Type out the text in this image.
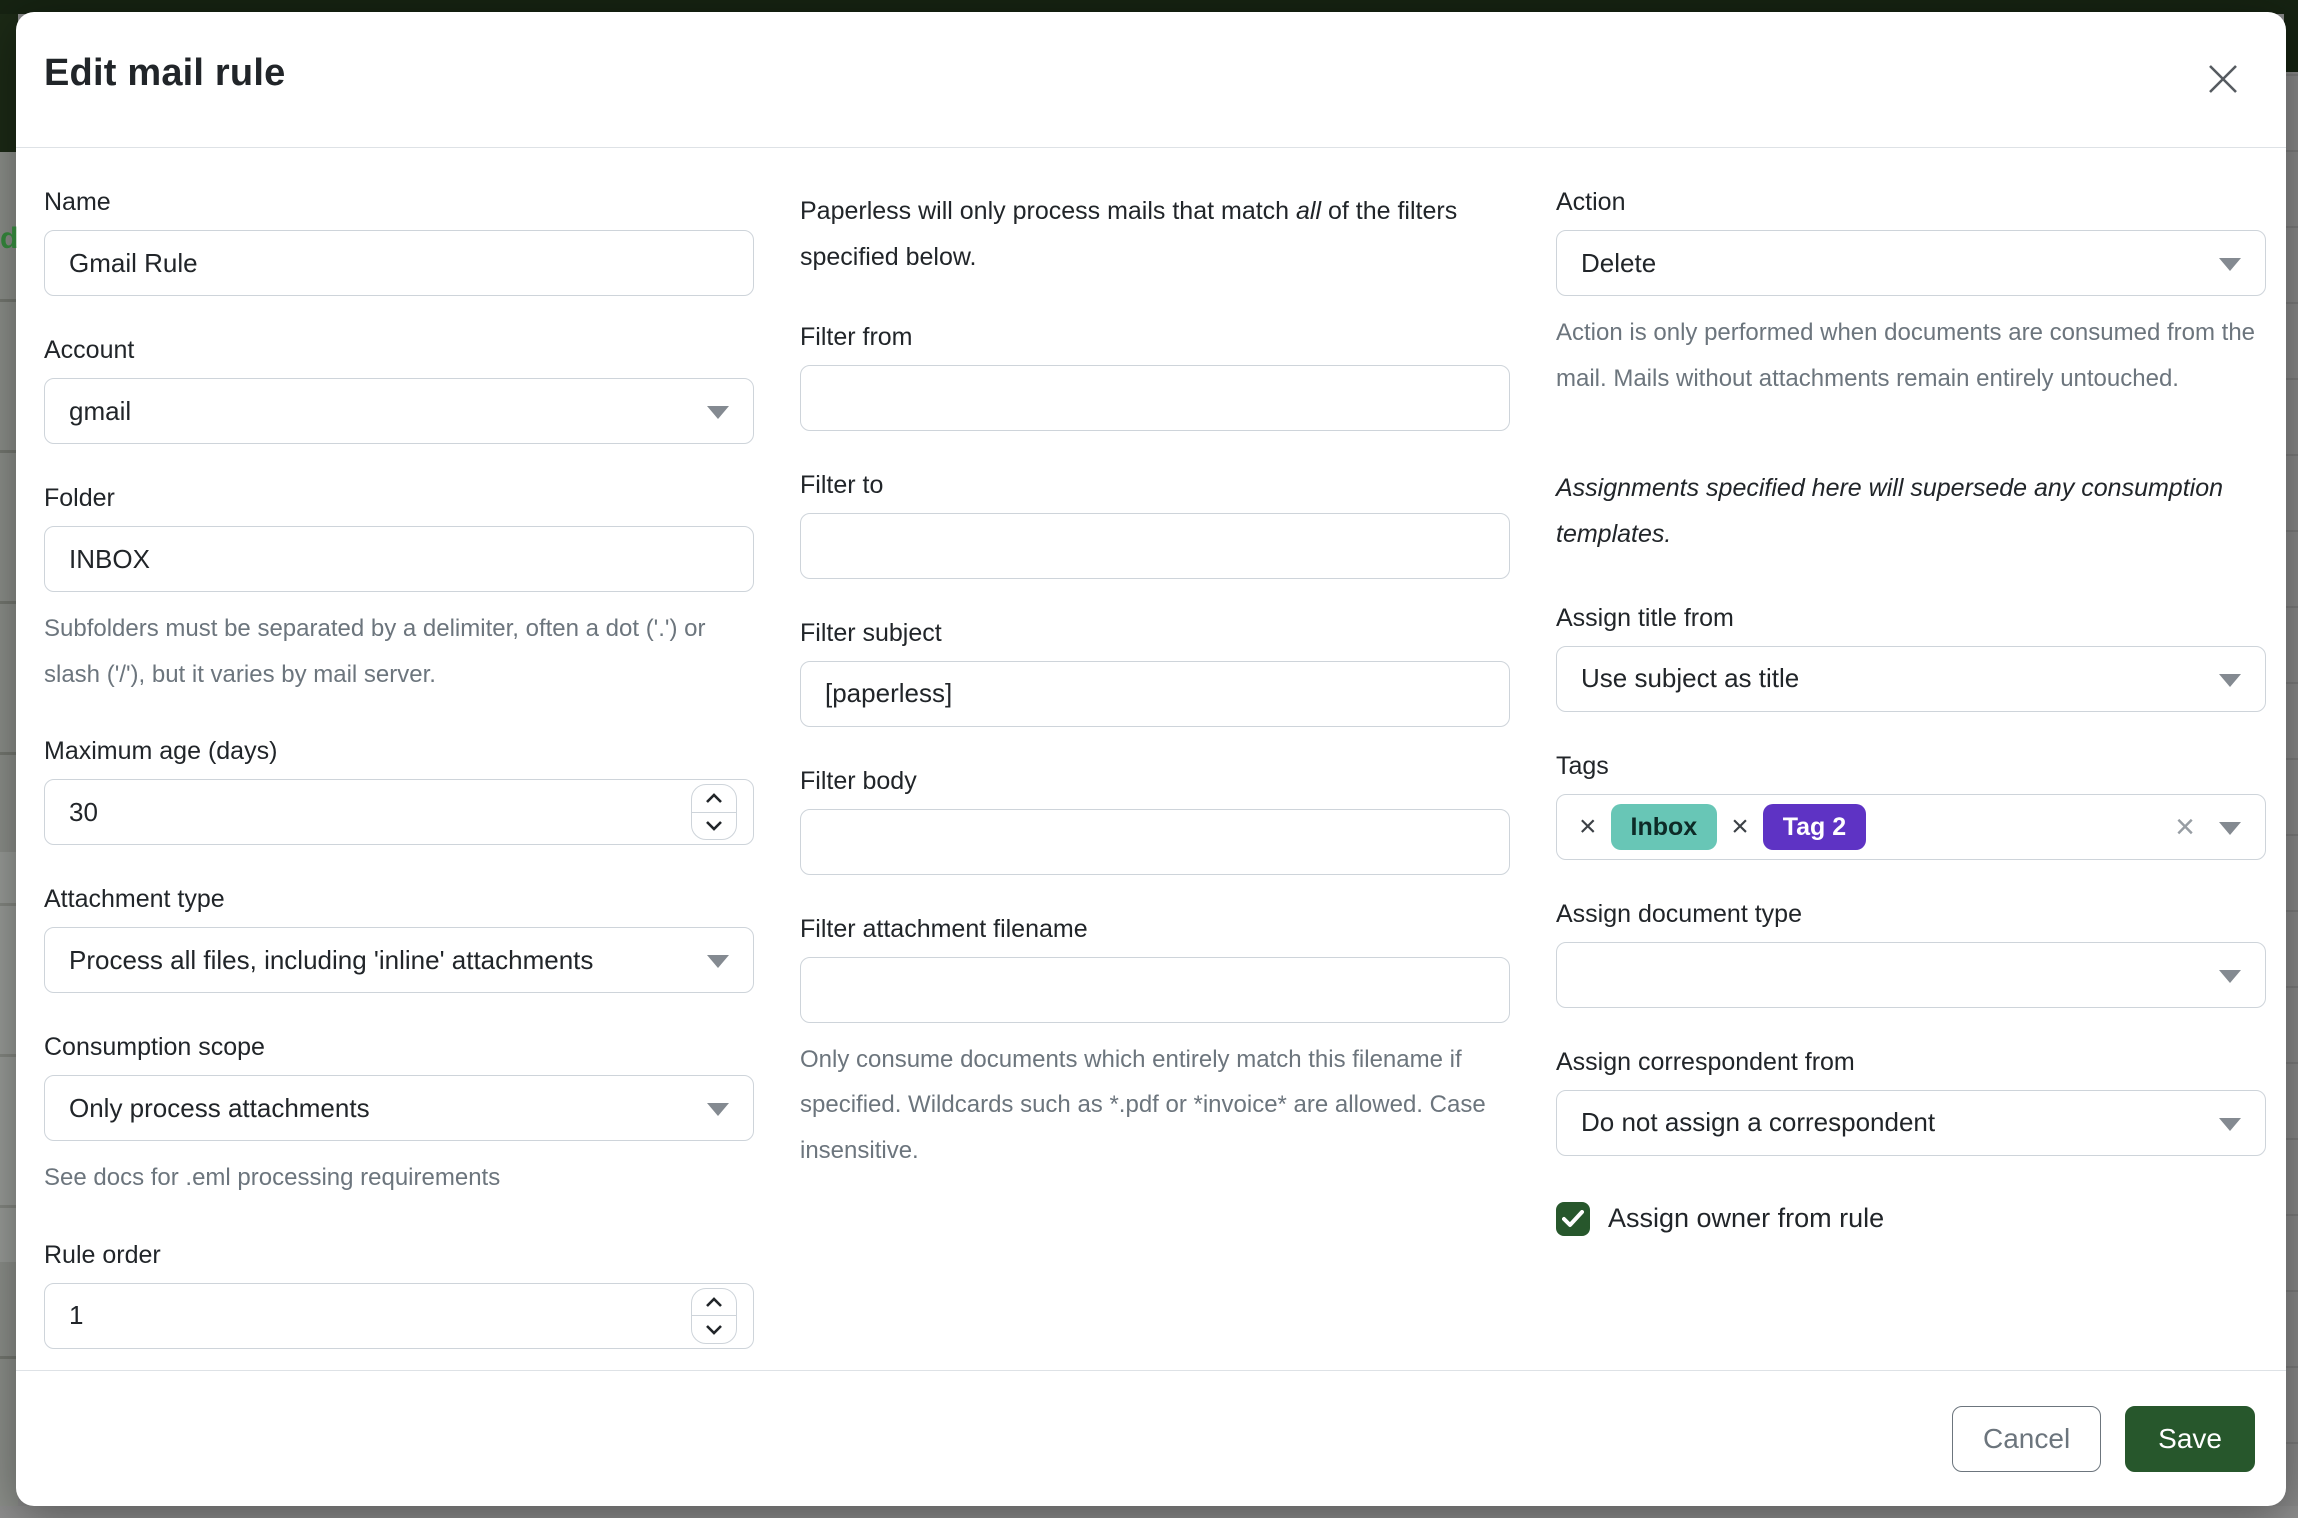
d
Edit mail rule
Name
Gmail Rule
Account
gmail
Folder
INBOX
Subfolders must be separated by a delimiter, often a dot ('.') or slash ('/'), but it varies by mail server.
Maximum age (days)
30
Attachment type
Process all files, including 'inline' attachments
Consumption scope
Only process attachments
See docs for .eml processing requirements
Rule order
1
Paperless will only process mails that match all of the filters specified below.
Filter from
Filter to
Filter subject
[paperless]
Filter body
Filter attachment filename
Only consume documents which entirely match this filename if specified. Wildcards such as *.pdf or *invoice* are allowed. Case insensitive.
Action
Delete
Action is only performed when documents are consumed from the mail. Mails without attachments remain entirely untouched.
Assignments specified here will supersede any consumption templates.
Assign title from
Use subject as title
Tags
×	Inbox	×	Tag 2	×
Assign document type
Assign correspondent from
Do not assign a correspondent
Assign owner from rule
Cancel	Save
